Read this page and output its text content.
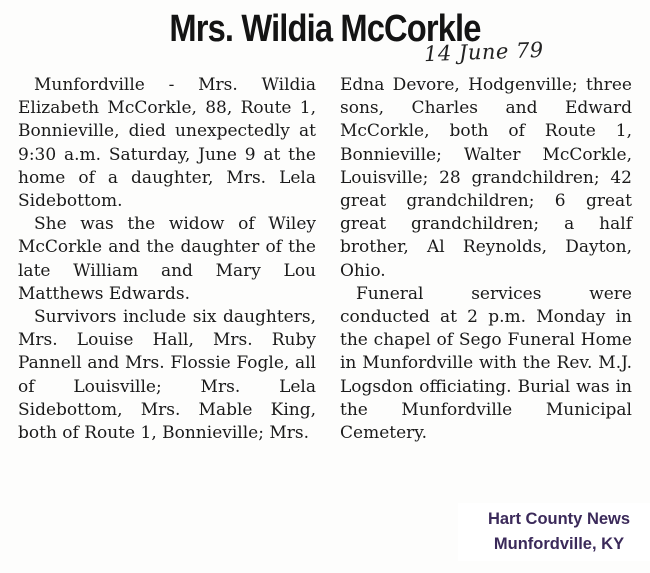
Mrs. Wildia McCorkle
14 June 79

Munfordville - Mrs. Wildia Elizabeth McCorkle, 88, Route 1, Bonnieville, died unexpectedly at 9:30 a.m. Saturday, June 9 at the home of a daughter, Mrs. Lela Sidebottom.

She was the widow of Wiley McCorkle and the daughter of the late William and Mary Lou Matthews Edwards.

Survivors include six daughters, Mrs. Louise Hall, Mrs. Ruby Pannell and Mrs. Flossie Fogle, all of Louisville; Mrs. Lela Sidebottom, Mrs. Mable King, both of Route 1, Bonnieville; Mrs.

Edna Devore, Hodgenville; three sons, Charles and Edward McCorkle, both of Route 1, Bonnieville; Walter McCorkle, Louisville; 28 grandchildren; 42 great grandchildren; 6 great great grandchildren; a half brother, Al Reynolds, Dayton, Ohio.

Funeral services were conducted at 2 p.m. Monday in the chapel of Sego Funeral Home in Munfordville with the Rev. M.J. Logsdon officiating. Burial was in the Munfordville Municipal Cemetery.

Hart County News
Munfordville, KY
